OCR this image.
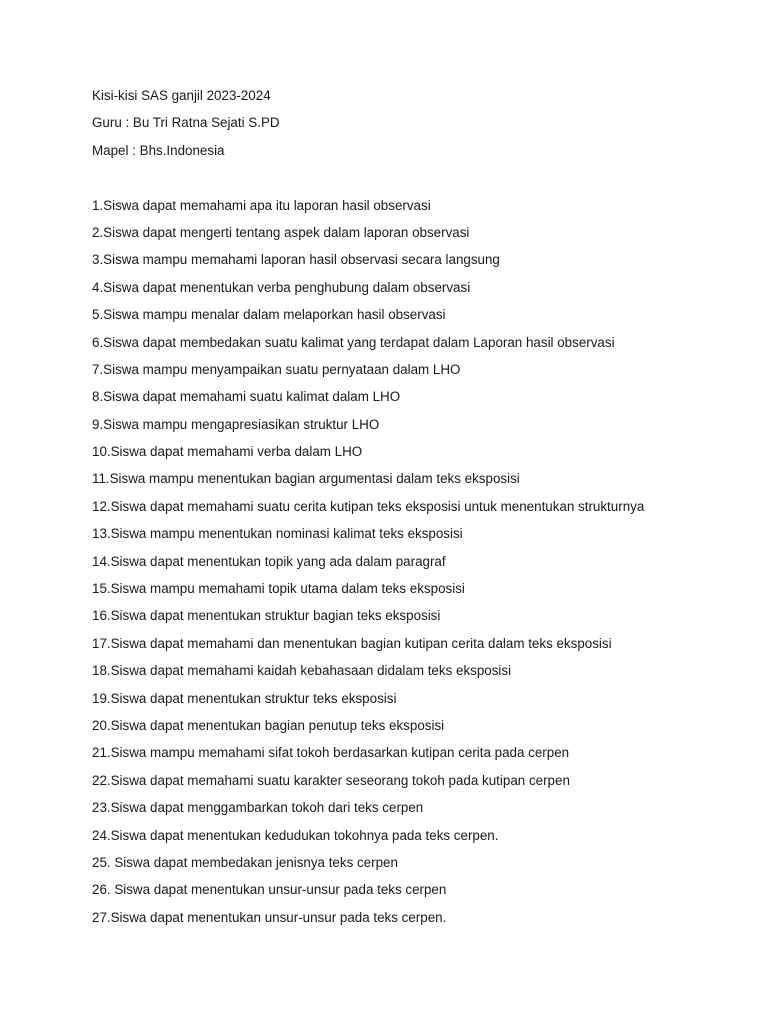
Kisi-kisi SAS ganjil 2023-2024
Guru : Bu Tri Ratna Sejati S.PD
Mapel : Bhs.Indonesia
1.Siswa dapat memahami apa itu laporan hasil observasi
2.Siswa dapat mengerti tentang aspek dalam laporan observasi
3.Siswa mampu memahami laporan hasil observasi secara langsung
4.Siswa dapat menentukan verba penghubung dalam observasi
5.Siswa mampu menalar dalam melaporkan hasil observasi
6.Siswa dapat membedakan suatu kalimat yang terdapat dalam Laporan hasil observasi
7.Siswa mampu menyampaikan suatu pernyataan dalam LHO
8.Siswa dapat memahami suatu kalimat dalam LHO
9.Siswa mampu mengapresiasikan struktur LHO
10.Siswa dapat memahami verba dalam LHO
11.Siswa mampu menentukan bagian argumentasi dalam teks eksposisi
12.Siswa dapat memahami suatu cerita kutipan teks eksposisi untuk menentukan strukturnya
13.Siswa mampu menentukan nominasi kalimat teks eksposisi
14.Siswa dapat menentukan topik yang ada dalam paragraf
15.Siswa mampu memahami topik utama dalam teks eksposisi
16.Siswa dapat menentukan struktur bagian teks eksposisi
17.Siswa dapat memahami dan menentukan bagian kutipan cerita dalam teks eksposisi
18.Siswa dapat memahami kaidah kebahasaan didalam teks eksposisi
19.Siswa dapat menentukan struktur teks eksposisi
20.Siswa dapat menentukan bagian penutup teks eksposisi
21.Siswa mampu memahami sifat tokoh berdasarkan kutipan cerita pada cerpen
22.Siswa dapat memahami suatu karakter seseorang tokoh pada kutipan cerpen
23.Siswa dapat menggambarkan tokoh dari teks cerpen
24.Siswa dapat menentukan kedudukan tokohnya pada teks cerpen.
25. Siswa dapat membedakan jenisnya teks cerpen
26. Siswa dapat menentukan unsur-unsur pada teks cerpen
27.Siswa dapat menentukan unsur-unsur pada teks cerpen.
